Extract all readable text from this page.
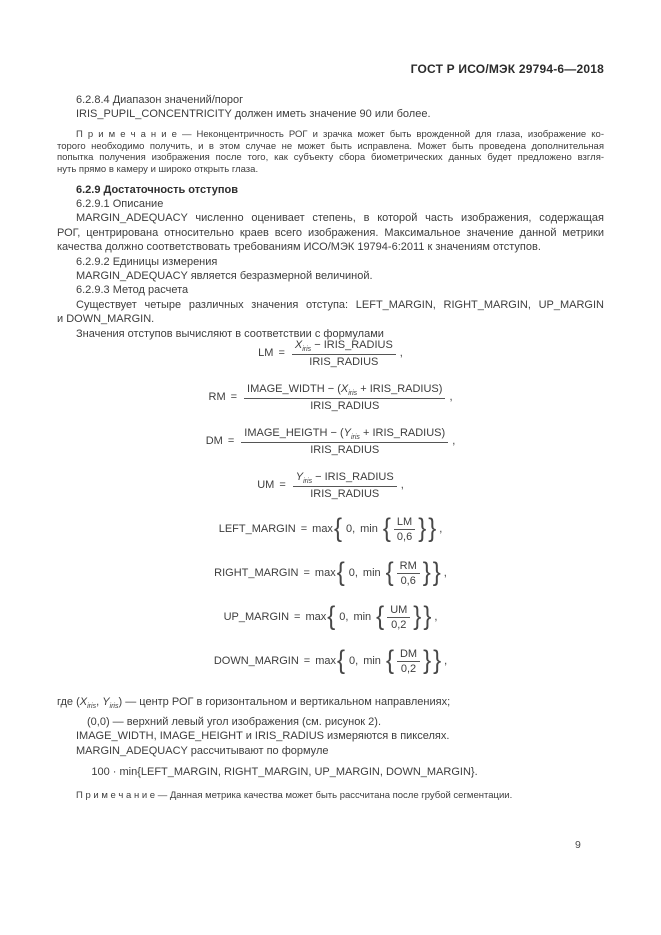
ГОСТ Р ИСО/МЭК 29794-6—2018
6.2.8.4 Диапазон значений/порог
IRIS_PUPIL_CONCENTRICITY должен иметь значение 90 или более.
П р и м е ч а н и е — Неконцентричность РОГ и зрачка может быть врожденной для глаза, изображение ко-
торого необходимо получить, и в этом случае не может быть исправлена. Может быть проведена дополнительная
попытка получения изображения после того, как субъекту сбора биометрических данных будет предложено взгля-
нуть прямо в камеру и широко открыть глаза.
6.2.9 Достаточность отступов
6.2.9.1 Описание
MARGIN_ADEQUACY численно оценивает степень, в которой часть изображения, содержащая
РОГ, центрирована относительно краев всего изображения. Максимальное значение данной метрики
качества должно соответствовать требованиям ИСО/МЭК 19794-6:2011 к значениям отступов.
6.2.9.2 Единицы измерения
MARGIN_ADEQUACY является безразмерной величиной.
6.2.9.3 Метод расчета
Существует четыре различных значения отступа: LEFT_MARGIN, RIGHT_MARGIN, UP_MARGIN
и DOWN_MARGIN.
Значения отступов вычисляют в соответствии с формулами
LM = $\frac{X_{iris} - IRIS\_RADIUS}{\text{IRIS\_RADIUS}}$ ,
RM = $\frac{IMAGE\_WIDTH - (X_{iris} + IRIS\_RADIUS)}{\text{IRIS\_RADIUS}}$ ,
DM = $\frac{IMAGE\_HEIGTH - (Y_{iris} + IRIS\_RADIUS)}{\text{IRIS\_RADIUS}}$ ,
UM = $\frac{Y_{iris} - IRIS\_RADIUS}{\text{IRIS\_RADIUS}}$ ,
LEFT_MARGIN = max { 0, min { $\frac{LM}{0,6}$ } } ,
RIGHT_MARGIN = max { 0, min { $\frac{RM}{0,6}$ } } ,
UP_MARGIN = max { 0, min { $\frac{UM}{0,2}$ } } ,
DOWN_MARGIN = max { 0, min { $\frac{DM}{0,2}$ } } ,
где ($X_{iris}$, $Y_{iris}$) — центр РОГ в горизонтальном и вертикальном направлениях;
(0,0) — верхний левый угол изображения (см. рисунок 2).
IMAGE_WIDTH, IMAGE_HEIGHT и IRIS_RADIUS измеряются в пикселях.
MARGIN_ADEQUACY рассчитывают по формуле
100 · min{LEFT_MARGIN, RIGHT_MARGIN, UP_MARGIN, DOWN_MARGIN}.
П р и м е ч а н и е — Данная метрика качества может быть рассчитана после грубой сегментации.
9
